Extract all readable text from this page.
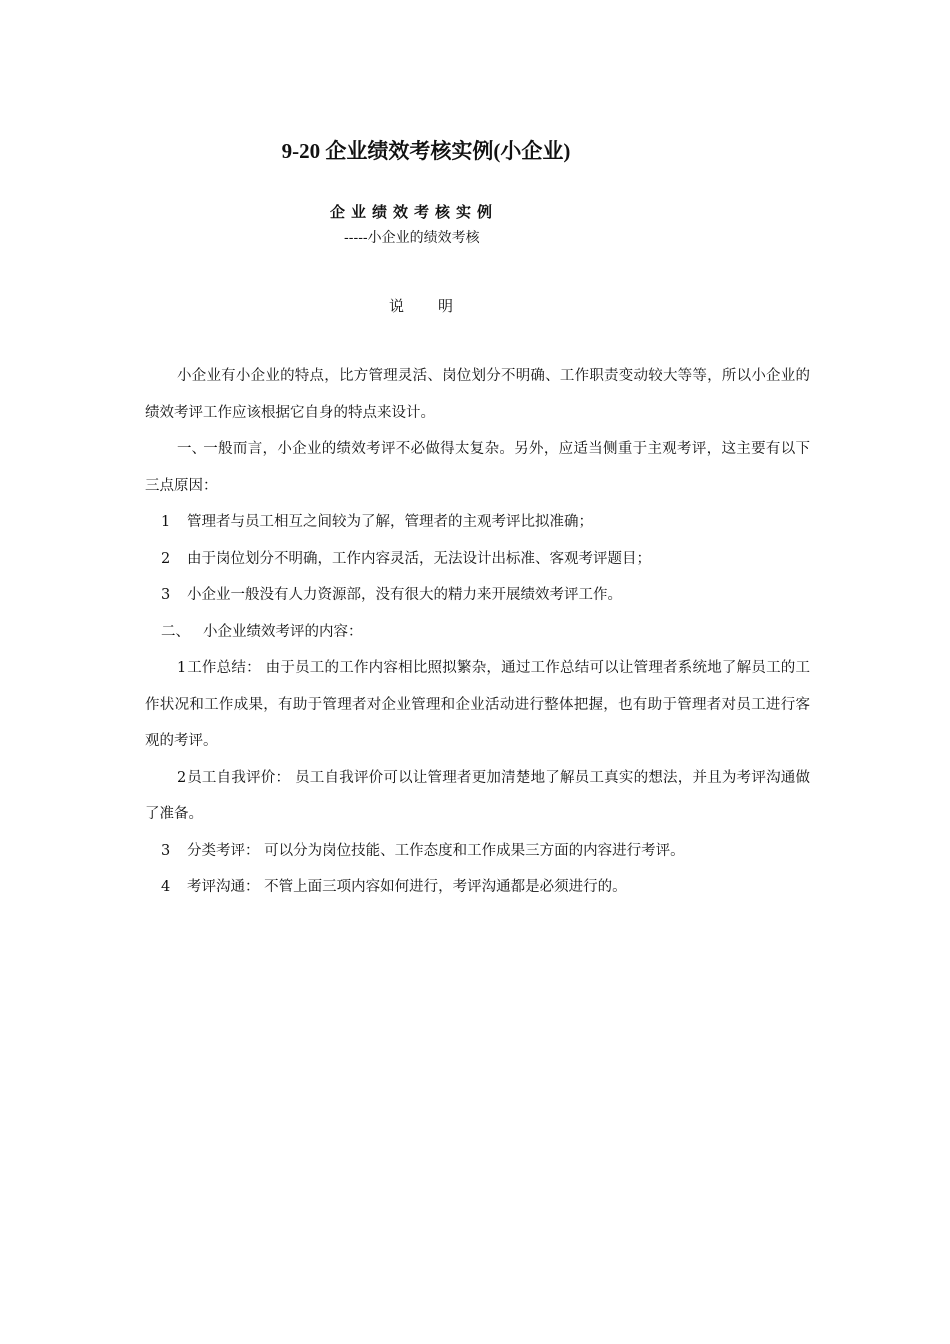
9-20 企业绩效考核实例(小企业)
企业绩效考核实例
-----小企业的绩效考核
说明

小企业有小企业的特点，比方管理灵活、岗位划分不明确、工作职责变动较大等等，所以小企业的绩效考评工作应该根据它自身的特点来设计。

一、一般而言，小企业的绩效考评不必做得太复杂。另外，应适当侧重于主观考评，这主要有以下三点原因：

1 管理者与员工相互之间较为了解，管理者的主观考评比拟准确；

2 由于岗位划分不明确，工作内容灵活，无法设计出标准、客观考评题目；

3 小企业一般没有人力资源部，没有很大的精力来开展绩效考评工作。

二、 小企业绩效考评的内容：

1工作总结： 由于员工的工作内容相比照拟繁杂，通过工作总结可以让管理者系统地了解员工的工作状况和工作成果，有助于管理者对企业管理和企业活动进行整体把握，也有助于管理者对员工进行客观的考评。

2员工自我评价： 员工自我评价可以让管理者更加清楚地了解员工真实的想法，并且为考评沟通做了准备。

3 分类考评： 可以分为岗位技能、工作态度和工作成果三方面的内容进行考评。

4 考评沟通： 不管上面三项内容如何进行，考评沟通都是必须进行的。
